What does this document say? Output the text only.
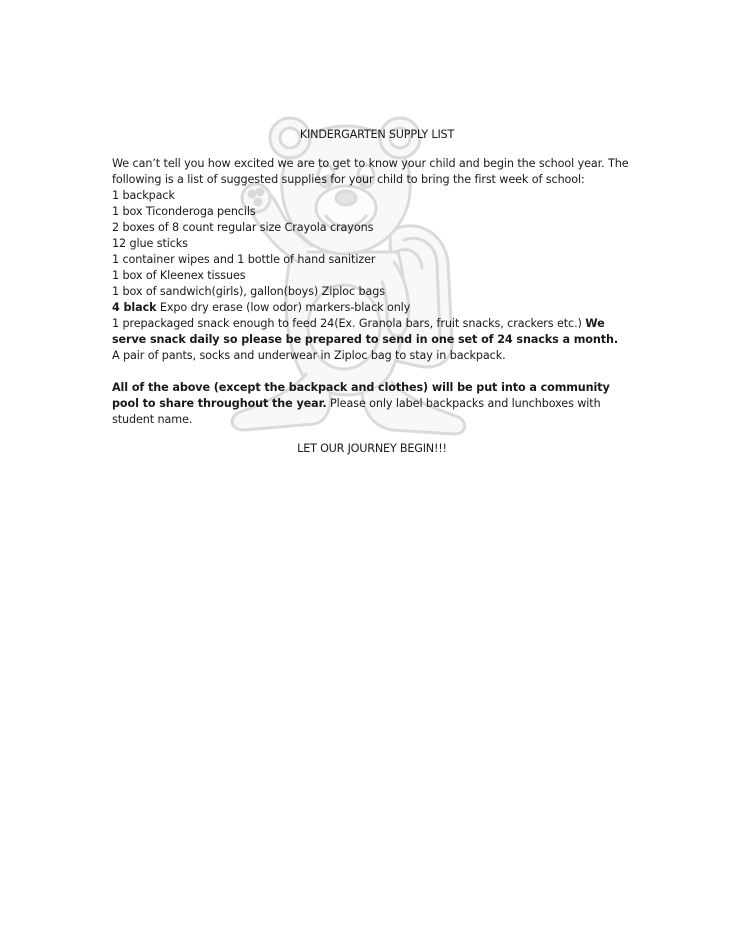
KINDERGARTEN SUPPLY LIST

We can’t tell you how excited we are to get to know your child and begin the school year. The following is a list of suggested supplies for your child to bring the first week of school:

1 backpack
1 box Ticonderoga pencils
2 boxes of 8 count regular size Crayola crayons
12 glue sticks
1 container wipes and 1 bottle of hand sanitizer
1 box of Kleenex tissues
1 box of sandwich(girls), gallon(boys) Ziploc bags
4 black Expo dry erase (low odor) markers-black only
1 prepackaged snack enough to feed 24(Ex. Granola bars, fruit snacks, crackers etc.) We serve snack daily so please be prepared to send in one set of 24 snacks a month.
A pair of pants, socks and underwear in Ziploc bag to stay in backpack.

All of the above (except the backpack and clothes) will be put into a community pool to share throughout the year. Please only label backpacks and lunchboxes with student name.

LET OUR JOURNEY BEGIN!!!
